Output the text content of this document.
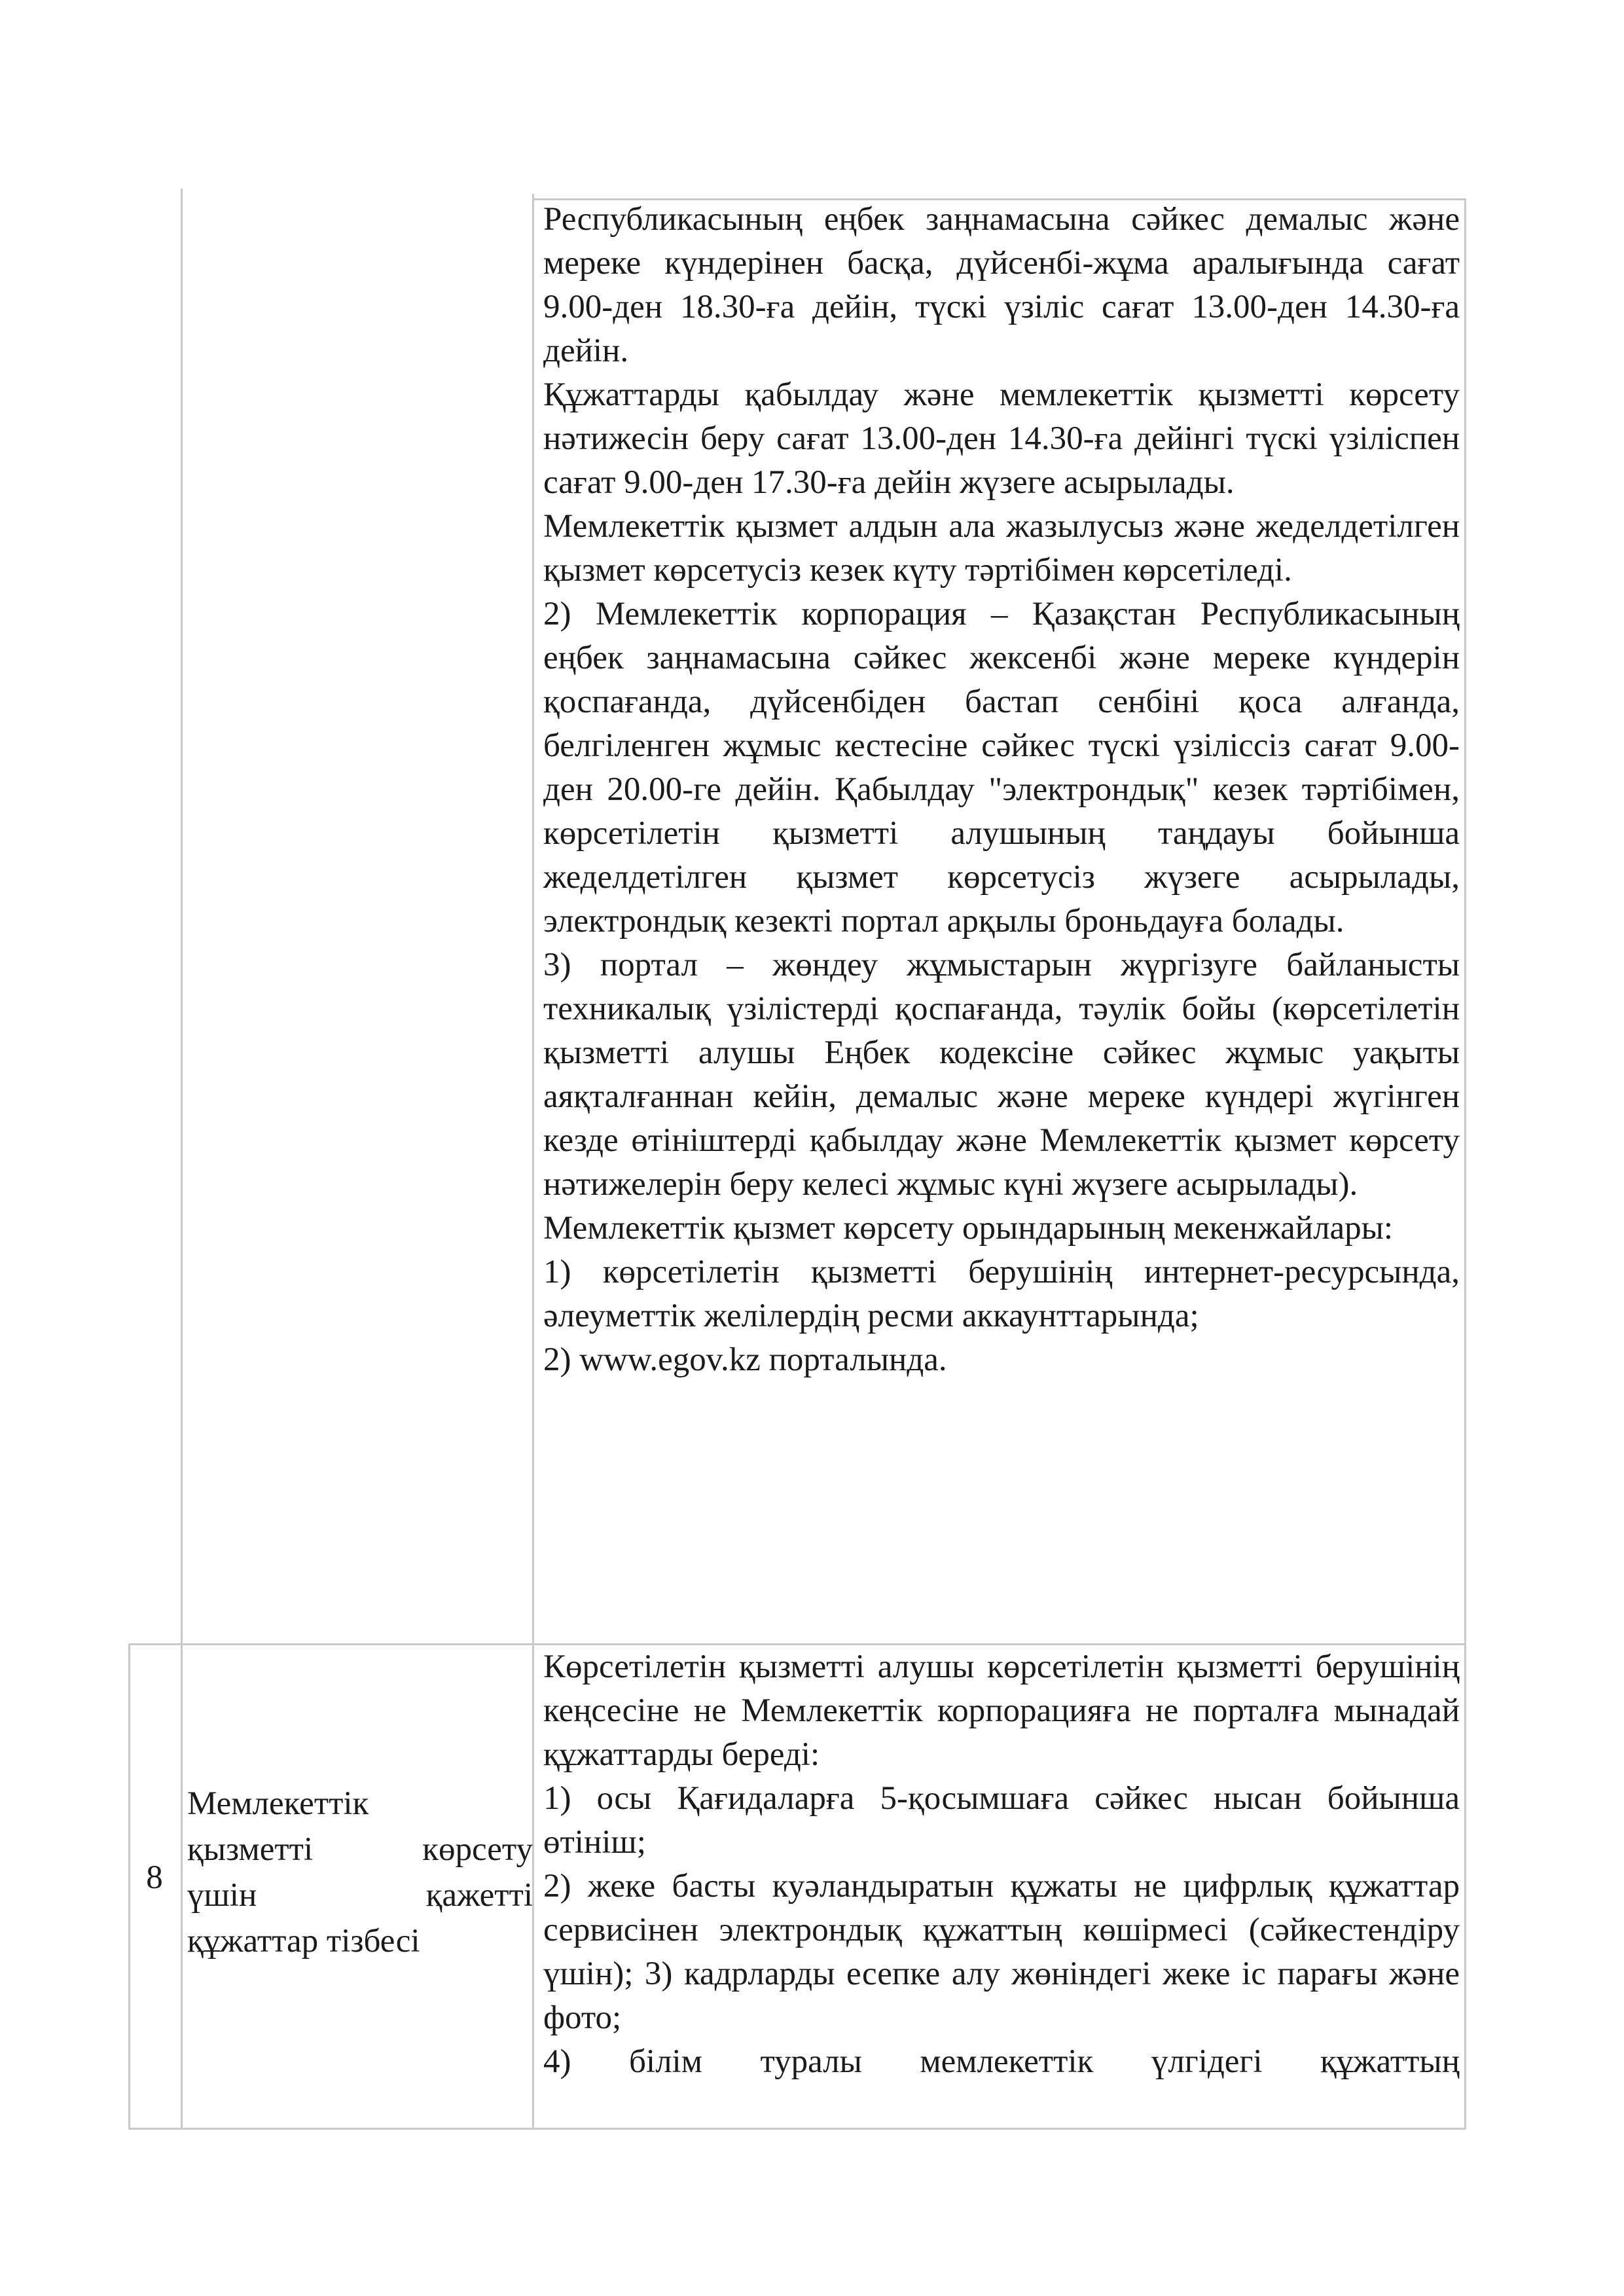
Республикасының еңбек заңнамасына сәйкес демалыс және мереке күндерінен басқа, дүйсенбі-жұма аралығында сағат 9.00-ден 18.30-ға дейін, түскі үзіліс сағат 13.00-ден 14.30-ға дейін.

Құжаттарды қабылдау және мемлекеттік қызметті көрсету нәтижесін беру сағат 13.00-ден 14.30-ға дейінгі түскі үзіліспен сағат 9.00-ден 17.30-ға дейін жүзеге асырылады.

Мемлекеттік қызмет алдын ала жазылусыз және жеделдетілген қызмет көрсетусіз кезек күту тәртібімен көрсетіледі.

2) Мемлекеттік корпорация – Қазақстан Республикасының еңбек заңнамасына сәйкес жексенбі және мереке күндерін қоспағанда, дүйсенбіден бастап сенбіні қоса алғанда, белгіленген жұмыс кестесіне сәйкес түскі үзіліссіз сағат 9.00-ден 20.00-ге дейін. Қабылдау "электрондық" кезек тәртібімен, көрсетілетін қызметті алушының таңдауы бойынша жеделдетілген қызмет көрсетусіз жүзеге асырылады, электрондық кезекті портал арқылы броньдауға болады.

3) портал – жөндеу жұмыстарын жүргізуге байланысты техникалық үзілістерді қоспағанда, тәулік бойы (көрсетілетін қызметті алушы Еңбек кодексіне сәйкес жұмыс уақыты аяқталғаннан кейін, демалыс және мереке күндері жүгінген кезде өтініштерді қабылдау және Мемлекеттік қызмет көрсету нәтижелерін беру келесі жұмыс күні жүзеге асырылады).

Мемлекеттік қызмет көрсету орындарының мекенжайлары:

1) көрсетілетін қызметті берушінің интернет-ресурсында, әлеуметтік желілердің ресми аккаунттарында;

2) www.egov.kz порталында.

8
Мемлекеттік
қызметті көрсету
үшін қажетті
құжаттар тізбесі

Көрсетілетін қызметті алушы көрсетілетін қызметті берушінің кеңсесіне не Мемлекеттік корпорацияға не порталға мынадай құжаттарды береді:

1) осы Қағидаларға 5-қосымшаға сәйкес нысан бойынша өтініш;

2) жеке басты куәландыратын құжаты не цифрлық құжаттар сервисінен электрондық құжаттың көшірмесі (сәйкестендіру үшін); 3) кадрларды есепке алу жөніндегі жеке іс парағы және фото;

4) білім туралы мемлекеттік үлгідегі құжаттың
